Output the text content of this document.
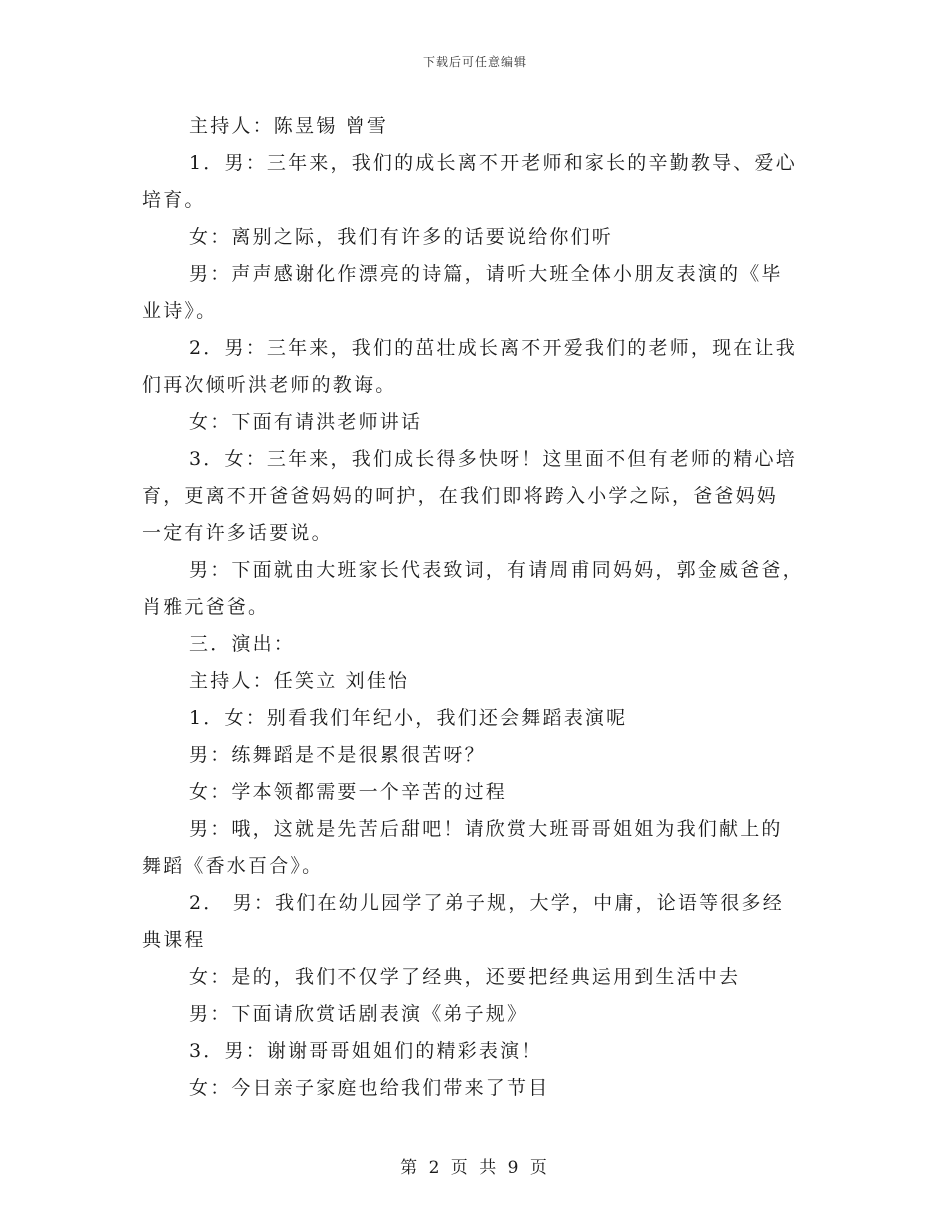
下载后可任意编辑

主持人：陈昱锡 曾雪

1．男：三年来，我们的成长离不开老师和家长的辛勤教导、爱心
培育。

女：离别之际，我们有许多的话要说给你们听

男：声声感谢化作漂亮的诗篇，请听大班全体小朋友表演的《毕
业诗》。

2．男：三年来，我们的茁壮成长离不开爱我们的老师，现在让我
们再次倾听洪老师的教诲。

女：下面有请洪老师讲话

3．女：三年来，我们成长得多快呀！这里面不但有老师的精心培
育，更离不开爸爸妈妈的呵护，在我们即将跨入小学之际，爸爸妈妈
一定有许多话要说。

男：下面就由大班家长代表致词，有请周甫同妈妈，郭金威爸爸，
肖雅元爸爸。

三．演出：

主持人：任笑立 刘佳怡

1．女：别看我们年纪小，我们还会舞蹈表演呢

男：练舞蹈是不是很累很苦呀？

女：学本领都需要一个辛苦的过程

男：哦，这就是先苦后甜吧！请欣赏大班哥哥姐姐为我们献上的
舞蹈《香水百合》。

2． 男：我们在幼儿园学了弟子规，大学，中庸，论语等很多经
典课程

女：是的，我们不仅学了经典，还要把经典运用到生活中去

男：下面请欣赏话剧表演《弟子规》

3．男：谢谢哥哥姐姐们的精彩表演！

女：今日亲子家庭也给我们带来了节目

第 2 页 共 9 页
